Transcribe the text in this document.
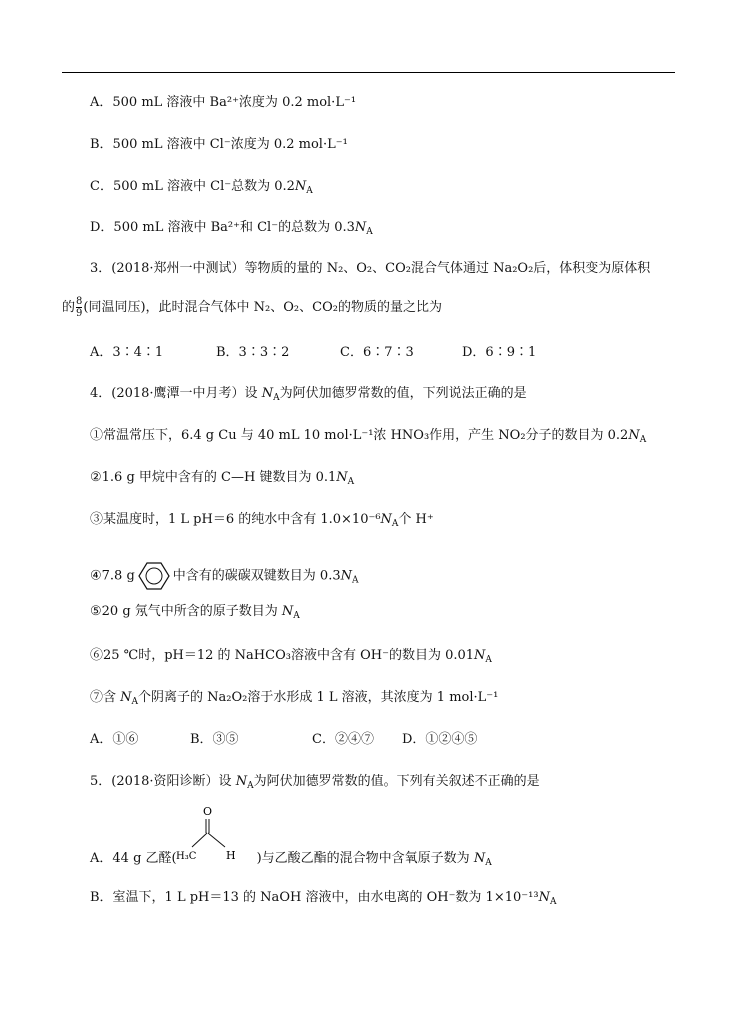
A．500 mL 溶液中 Ba²⁺浓度为 0.2 mol·L⁻¹
B．500 mL 溶液中 Cl⁻浓度为 0.2 mol·L⁻¹
C．500 mL 溶液中 Cl⁻总数为 $0.2N_A$
D．500 mL 溶液中 Ba²⁺和 Cl⁻的总数为 $0.3N_A$
3．(2018·郑州一中测试）等物质的量的 N₂、O₂、CO₂混合气体通过 Na₂O₂后，体积变为原体积
的 $\frac{8}{9}$ (同温同压)，此时混合气体中 N₂、O₂、CO₂的物质的量之比为
A．3∶4∶1	B．3∶3∶2	C．6∶7∶3	D．6∶9∶1
4．(2018·鹰潭一中月考）设 $N_A$为阿伏加德罗常数的值，下列说法正确的是
①常温常压下，6.4 g Cu 与 40 mL 10 mol·L⁻¹浓 HNO₃作用，产生 NO₂分子的数目为 $0.2N_A$
②1.6 g 甲烷中含有的 C—H 键数目为 $0.1N_A$
③某温度时，1 L pH＝6 的纯水中含有 $1.0\times 10^{-6}N_A$个 H⁺
④7.8 g	中含有的碳碳双键数目为 $0.3N_A$
⑤20 g 氖气中所含的原子数目为 $N_A$
⑥25 ℃时，pH＝12 的 NaHCO₃溶液中含有 OH⁻的数目为 $0.01N_A$
⑦含 $N_A$个阴离子的 Na₂O₂溶于水形成 1 L 溶液，其浓度为 1 mol·L⁻¹
A．①⑥	B．③⑤	C．②④⑦ D．①②④⑤
5．(2018·资阳诊断）设 $N_A$为阿伏加德罗常数的值。下列有关叙述不正确的是
O
H₃C	H
A．44 g 乙醛(	)与乙酸乙酯的混合物中含氧原子数为 $N_A$
B．室温下，1 L pH＝13 的 NaOH 溶液中，由水电离的 OH⁻数为 $1\times 10^{-13}N_A$
